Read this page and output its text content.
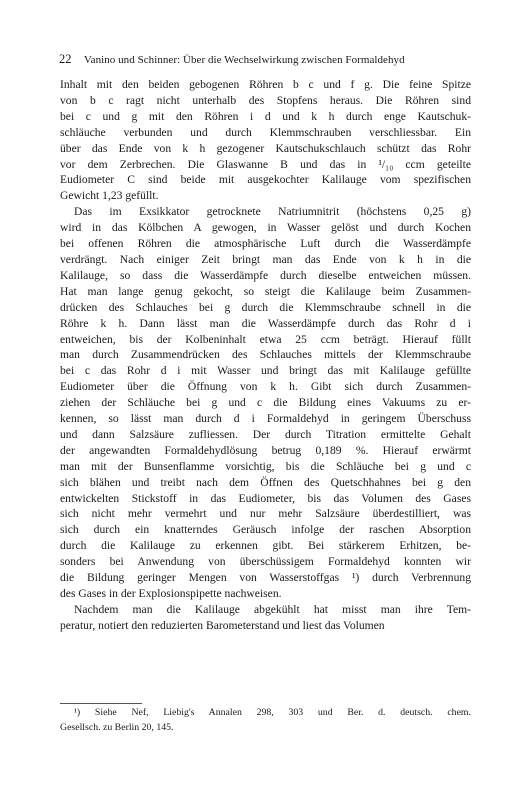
22 Vanino und Schinner: Über die Wechselwirkung zwischen Formaldehyd
Inhalt mit den beiden gebogenen Röhren b c und f g. Die feine Spitze
von b c ragt nicht unterhalb des Stopfens heraus. Die Röhren sind
bei c und g mit den Röhren i d und k h durch enge Kautschuk-
schläuche verbunden und durch Klemmschrauben verschliessbar. Ein
über das Ende von k h gezogener Kautschukschlauch schützt das Rohr
vor dem Zerbrechen. Die Glaswanne B und das in ¹/₁₀ ccm geteilte
Eudiometer C sind beide mit ausgekochter Kalilauge vom spezifischen
Gewicht 1,23 gefüllt.
Das im Exsikkator getrocknete Natriumnitrit (höchstens 0,25 g)
wird in das Kölbchen A gewogen, in Wasser gelöst und durch Kochen
bei offenen Röhren die atmosphärische Luft durch die Wasserdämpfe
verdrängt. Nach einiger Zeit bringt man das Ende von k h in die
Kalilauge, so dass die Wasserdämpfe durch dieselbe entweichen müssen.
Hat man lange genug gekocht, so steigt die Kalilauge beim Zusammen-
drücken des Schlauches bei g durch die Klemmschraube schnell in die
Röhre k h. Dann lässt man die Wasserdämpfe durch das Rohr d i
entweichen, bis der Kolbeninhalt etwa 25 ccm beträgt. Hierauf füllt
man durch Zusammendrücken des Schlauches mittels der Klemmschraube
bei c das Rohr d i mit Wasser und bringt das mit Kalilauge gefüllte
Eudiometer über die Öffnung von k h. Gibt sich durch Zusammen-
ziehen der Schläuche bei g und c die Bildung eines Vakuums zu er-
kennen, so lässt man durch d i Formaldehyd in geringem Überschuss
und dann Salzsäure zufliessen. Der durch Titration ermittelte Gehalt
der angewandten Formaldehydlösung betrug 0,189 %. Hierauf erwärmt
man mit der Bunsenflamme vorsichtig, bis die Schläuche bei g und c
sich blähen und treibt nach dem Öffnen des Quetschhahnes bei g den
entwickelten Stickstoff in das Eudiometer, bis das Volumen des Gases
sich nicht mehr vermehrt und nur mehr Salzsäure überdestilliert, was
sich durch ein knatterndes Geräusch infolge der raschen Absorption
durch die Kalilauge zu erkennen gibt. Bei stärkerem Erhitzen, be-
sonders bei Anwendung von überschüssigem Formaldehyd konnten wir
die Bildung geringer Mengen von Wasserstoffgas ¹) durch Verbrennung
des Gases in der Explosionspipette nachweisen.
Nachdem man die Kalilauge abgekühlt hat misst man ihre Tem-
peratur, notiert den reduzierten Barometerstand und liest das Volumen
¹) Siehe Nef, Liebig's Annalen 298, 303 und Ber. d. deutsch. chem.
Gesellsch. zu Berlin 20, 145.
